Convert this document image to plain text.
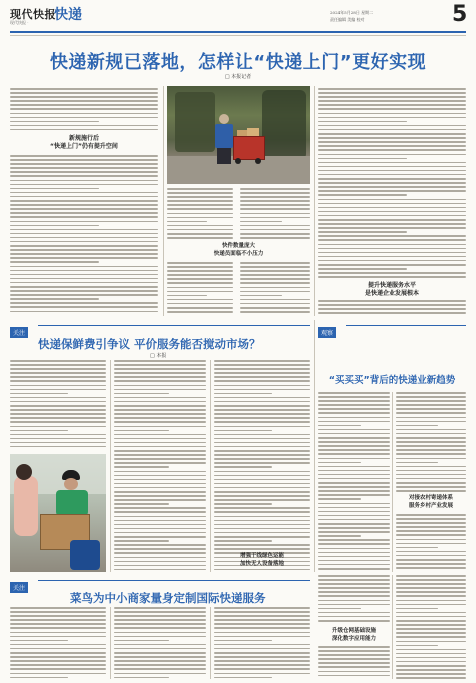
现代快报
现代快报 · 快递	2024年5月28日 星期二
责任编辑 美编 校对	5
快递新规已落地，怎样让“快递上门”更好实现
□ 本报记者
新规施行后
“快递上门”仍有提升空间
快件数量庞大
快递员面临不小压力
提升快递服务水平
是快递企业发展根本
关注
快递保鲜费引争议 平价服务能否搅动市场？
□ 本报
观察
“买买买”背后的快递业新趋势
对接农村寄递体系
服务乡村产业发展
增强干线绿色运能
加快无人设备落地
关注
菜鸟为中小商家量身定制国际快递服务
升级仓网基础设施
深化数字应用能力
